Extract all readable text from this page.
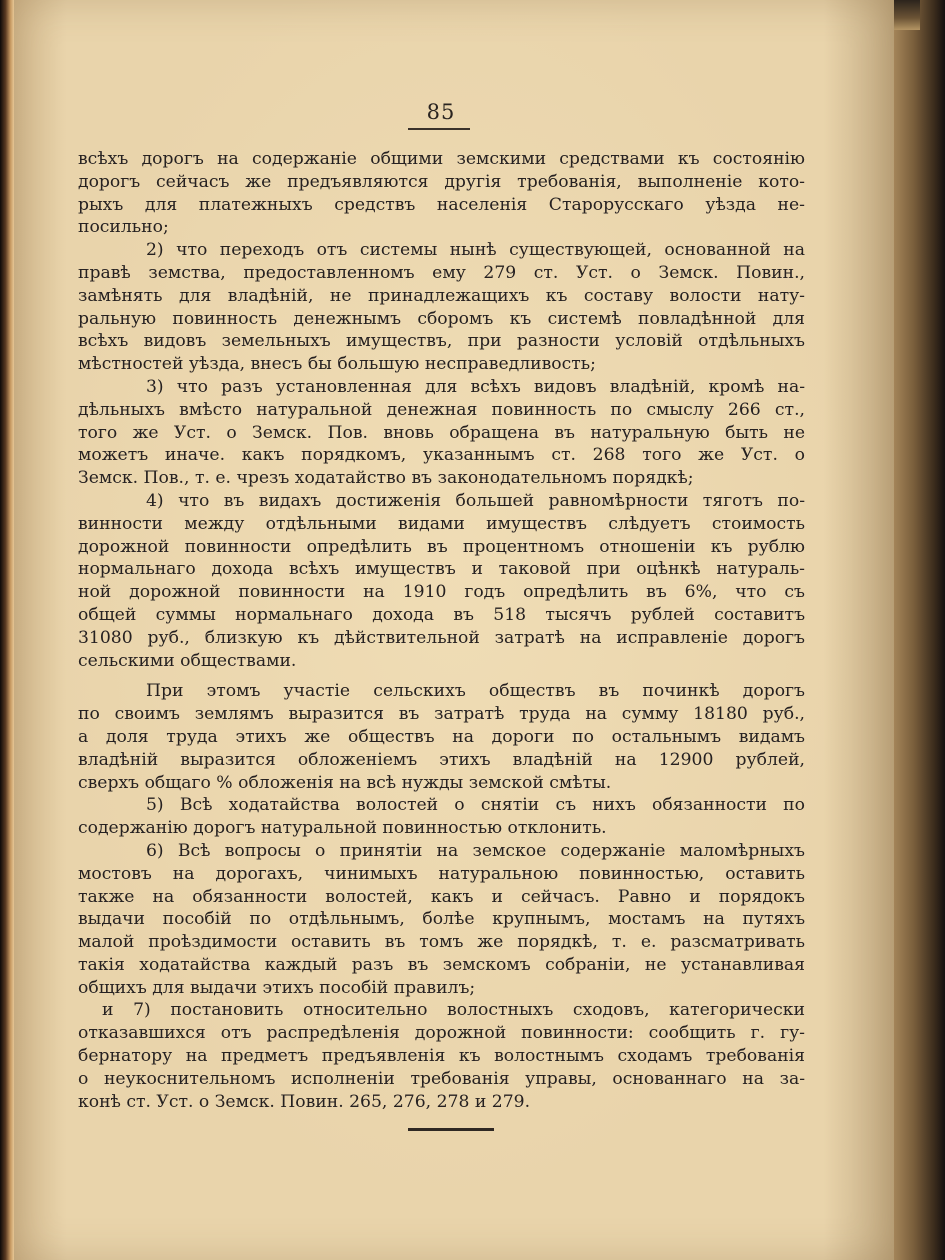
85
всѣхъ дорогъ на содержаніе общими земскими средствами къ состоянію
дорогъ сейчасъ же предъявляются другія требованія, выполненіе кото-
рыхъ для платежныхъ средствъ населенія Старорусскаго уѣзда не-
посильно;
2) что переходъ отъ системы нынѣ существующей, основанной на
правѣ земства, предоставленномъ ему 279 ст. Уст. о Земск. Повин.,
замѣнять для владѣній, не принадлежащихъ къ составу волости нату-
ральную повинность денежнымъ сборомъ къ системѣ повладѣнной для
всѣхъ видовъ земельныхъ имуществъ, при разности условій отдѣльныхъ
мѣстностей уѣзда, внесъ бы большую несправедливость;
3) что разъ установленная для всѣхъ видовъ владѣній, кромѣ на-
дѣльныхъ вмѣсто натуральной денежная повинность по смыслу 266 ст.,
того же Уст. о Земск. Пов. вновь обращена въ натуральную быть не
можетъ иначе. какъ порядкомъ, указаннымъ ст. 268 того же Уст. о
Земск. Пов., т. е. чрезъ ходатайство въ законодательномъ порядкѣ;
4) что въ видахъ достиженія большей равномѣрности тяготъ по-
винности между отдѣльными видами имуществъ слѣдуетъ стоимость
дорожной повинности опредѣлить въ процентномъ отношеніи къ рублю
нормальнаго дохода всѣхъ имуществъ и таковой при оцѣнкѣ натураль-
ной дорожной повинности на 1910 годъ опредѣлить въ 6%, что съ
общей суммы нормальнаго дохода въ 518 тысячъ рублей составитъ
31080 руб., близкую къ дѣйствительной затратѣ на исправленіе дорогъ
сельскими обществами.
При этомъ участіе сельскихъ обществъ въ починкѣ дорогъ
по своимъ землямъ выразится въ затратѣ труда на сумму 18180 руб.,
а доля труда этихъ же обществъ на дороги по остальнымъ видамъ
владѣній выразится обложеніемъ этихъ владѣній на 12900 рублей,
сверхъ общаго % обложенія на всѣ нужды земской смѣты.
5) Всѣ ходатайства волостей о снятіи съ нихъ обязанности по
содержанію дорогъ натуральной повинностью отклонить.
6) Всѣ вопросы о принятіи на земское содержаніе маломѣрныхъ
мостовъ на дорогахъ, чинимыхъ натуральною повинностью, оставить
также на обязанности волостей, какъ и сейчасъ. Равно и порядокъ
выдачи пособій по отдѣльнымъ, болѣе крупнымъ, мостамъ на путяхъ
малой проѣздимости оставить въ томъ же порядкѣ, т. е. разсматривать
такія ходатайства каждый разъ въ земскомъ собраніи, не устанавливая
общихъ для выдачи этихъ пособій правилъ;
и 7) постановить относительно волостныхъ сходовъ, категорически
отказавшихся отъ распредѣленія дорожной повинности: сообщить г. гу-
бернатору на предметъ предъявленія къ волостнымъ сходамъ требованія
о неукоснительномъ исполненіи требованія управы, основаннаго на за-
конѣ ст. Уст. о Земск. Повин. 265, 276, 278 и 279.
